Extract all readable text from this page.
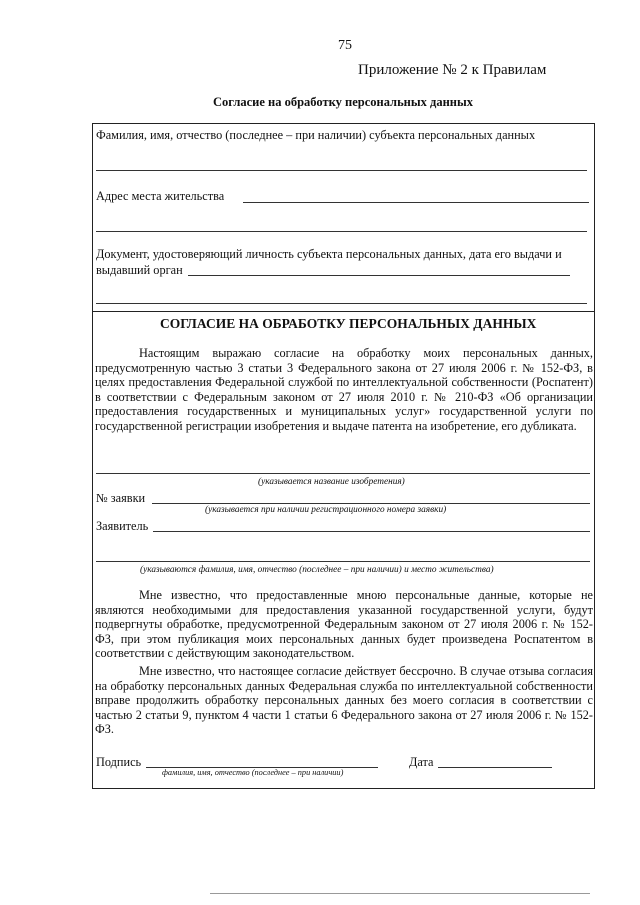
75
Приложение № 2 к Правилам
Согласие на обработку персональных данных
Фамилия, имя, отчество (последнее – при наличии) субъекта персональных данных
Адрес места жительства
Документ, удостоверяющий личность субъекта персональных данных, дата его выдачи и
выдавший орган
СОГЛАСИЕ НА ОБРАБОТКУ ПЕРСОНАЛЬНЫХ ДАННЫХ

Настоящим выражаю согласие на обработку моих персональных данных, предусмотренную частью 3 статьи 3 Федерального закона от 27 июля 2006 г. № 152-ФЗ, в целях предоставления Федеральной службой по интеллектуальной собственности (Роспатент) в соответствии с Федеральным законом от 27 июля 2010 г. № 210-ФЗ «Об организации предоставления государственных и муниципальных услуг» государственной услуги по государственной регистрации изобретения и выдаче патента на изобретение, его дубликата.

(указывается название изобретения)
№ заявки
(указывается при наличии регистрационного номера заявки)
Заявитель
(указываются фамилия, имя, отчество (последнее – при наличии) и место жительства)

Мне известно, что предоставленные мною персональные данные, которые не являются необходимыми для предоставления указанной государственной услуги, будут подвергнуты обработке, предусмотренной Федеральным законом от 27 июля 2006 г. № 152-ФЗ, при этом публикация моих персональных данных будет произведена Роспатентом в соответствии с действующим законодательством.

Мне известно, что настоящее согласие действует бессрочно. В случае отзыва согласия на обработку персональных данных Федеральная служба по интеллектуальной собственности вправе продолжить обработку персональных данных без моего согласия в соответствии с частью 2 статьи 9, пунктом 4 части 1 статьи 6 Федерального закона от 27 июля 2006 г. № 152-ФЗ.

Подпись
фамилия, имя, отчество (последнее – при наличии)
Дата
